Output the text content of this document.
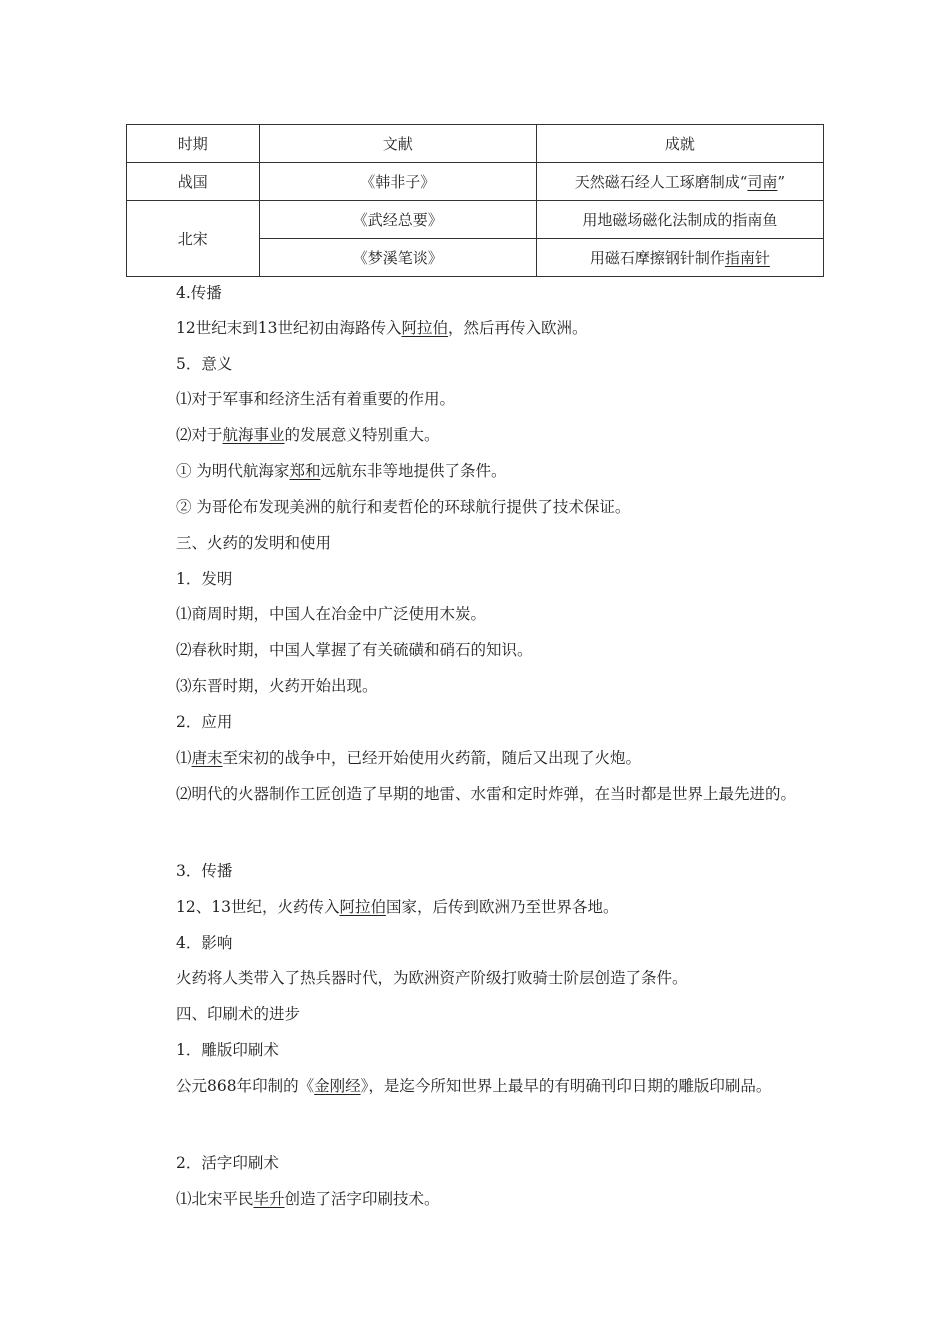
时期	文献	成就
战国	《韩非子》	天然磁石经人工琢磨制成“司南”
北宋	《武经总要》	用地磁场磁化法制成的指南鱼
	《梦溪笔谈》	用磁石摩擦钢针制作指南针
4.传播
12世纪末到13世纪初由海路传入阿拉伯，然后再传入欧洲。
5．意义
⑴对于军事和经济生活有着重要的作用。
⑵对于航海事业的发展意义特别重大。
① 为明代航海家郑和远航东非等地提供了条件。
② 为哥伦布发现美洲的航行和麦哲伦的环球航行提供了技术保证。
三、火药的发明和使用
1．发明
⑴商周时期，中国人在冶金中广泛使用木炭。
⑵春秋时期，中国人掌握了有关硫磺和硝石的知识。
⑶东晋时期，火药开始出现。
2．应用
⑴唐末至宋初的战争中，已经开始使用火药箭，随后又出现了火炮。
⑵明代的火器制作工匠创造了早期的地雷、水雷和定时炸弹，在当时都是世界上最先进的。
3．传播
12、13世纪，火药传入阿拉伯国家，后传到欧洲乃至世界各地。
4．影响
火药将人类带入了热兵器时代，为欧洲资产阶级打败骑士阶层创造了条件。
四、印刷术的进步
1．雕版印刷术
公元868年印制的《金刚经》，是迄今所知世界上最早的有明确刊印日期的雕版印刷品。
2．活字印刷术
⑴北宋平民毕升创造了活字印刷技术。
